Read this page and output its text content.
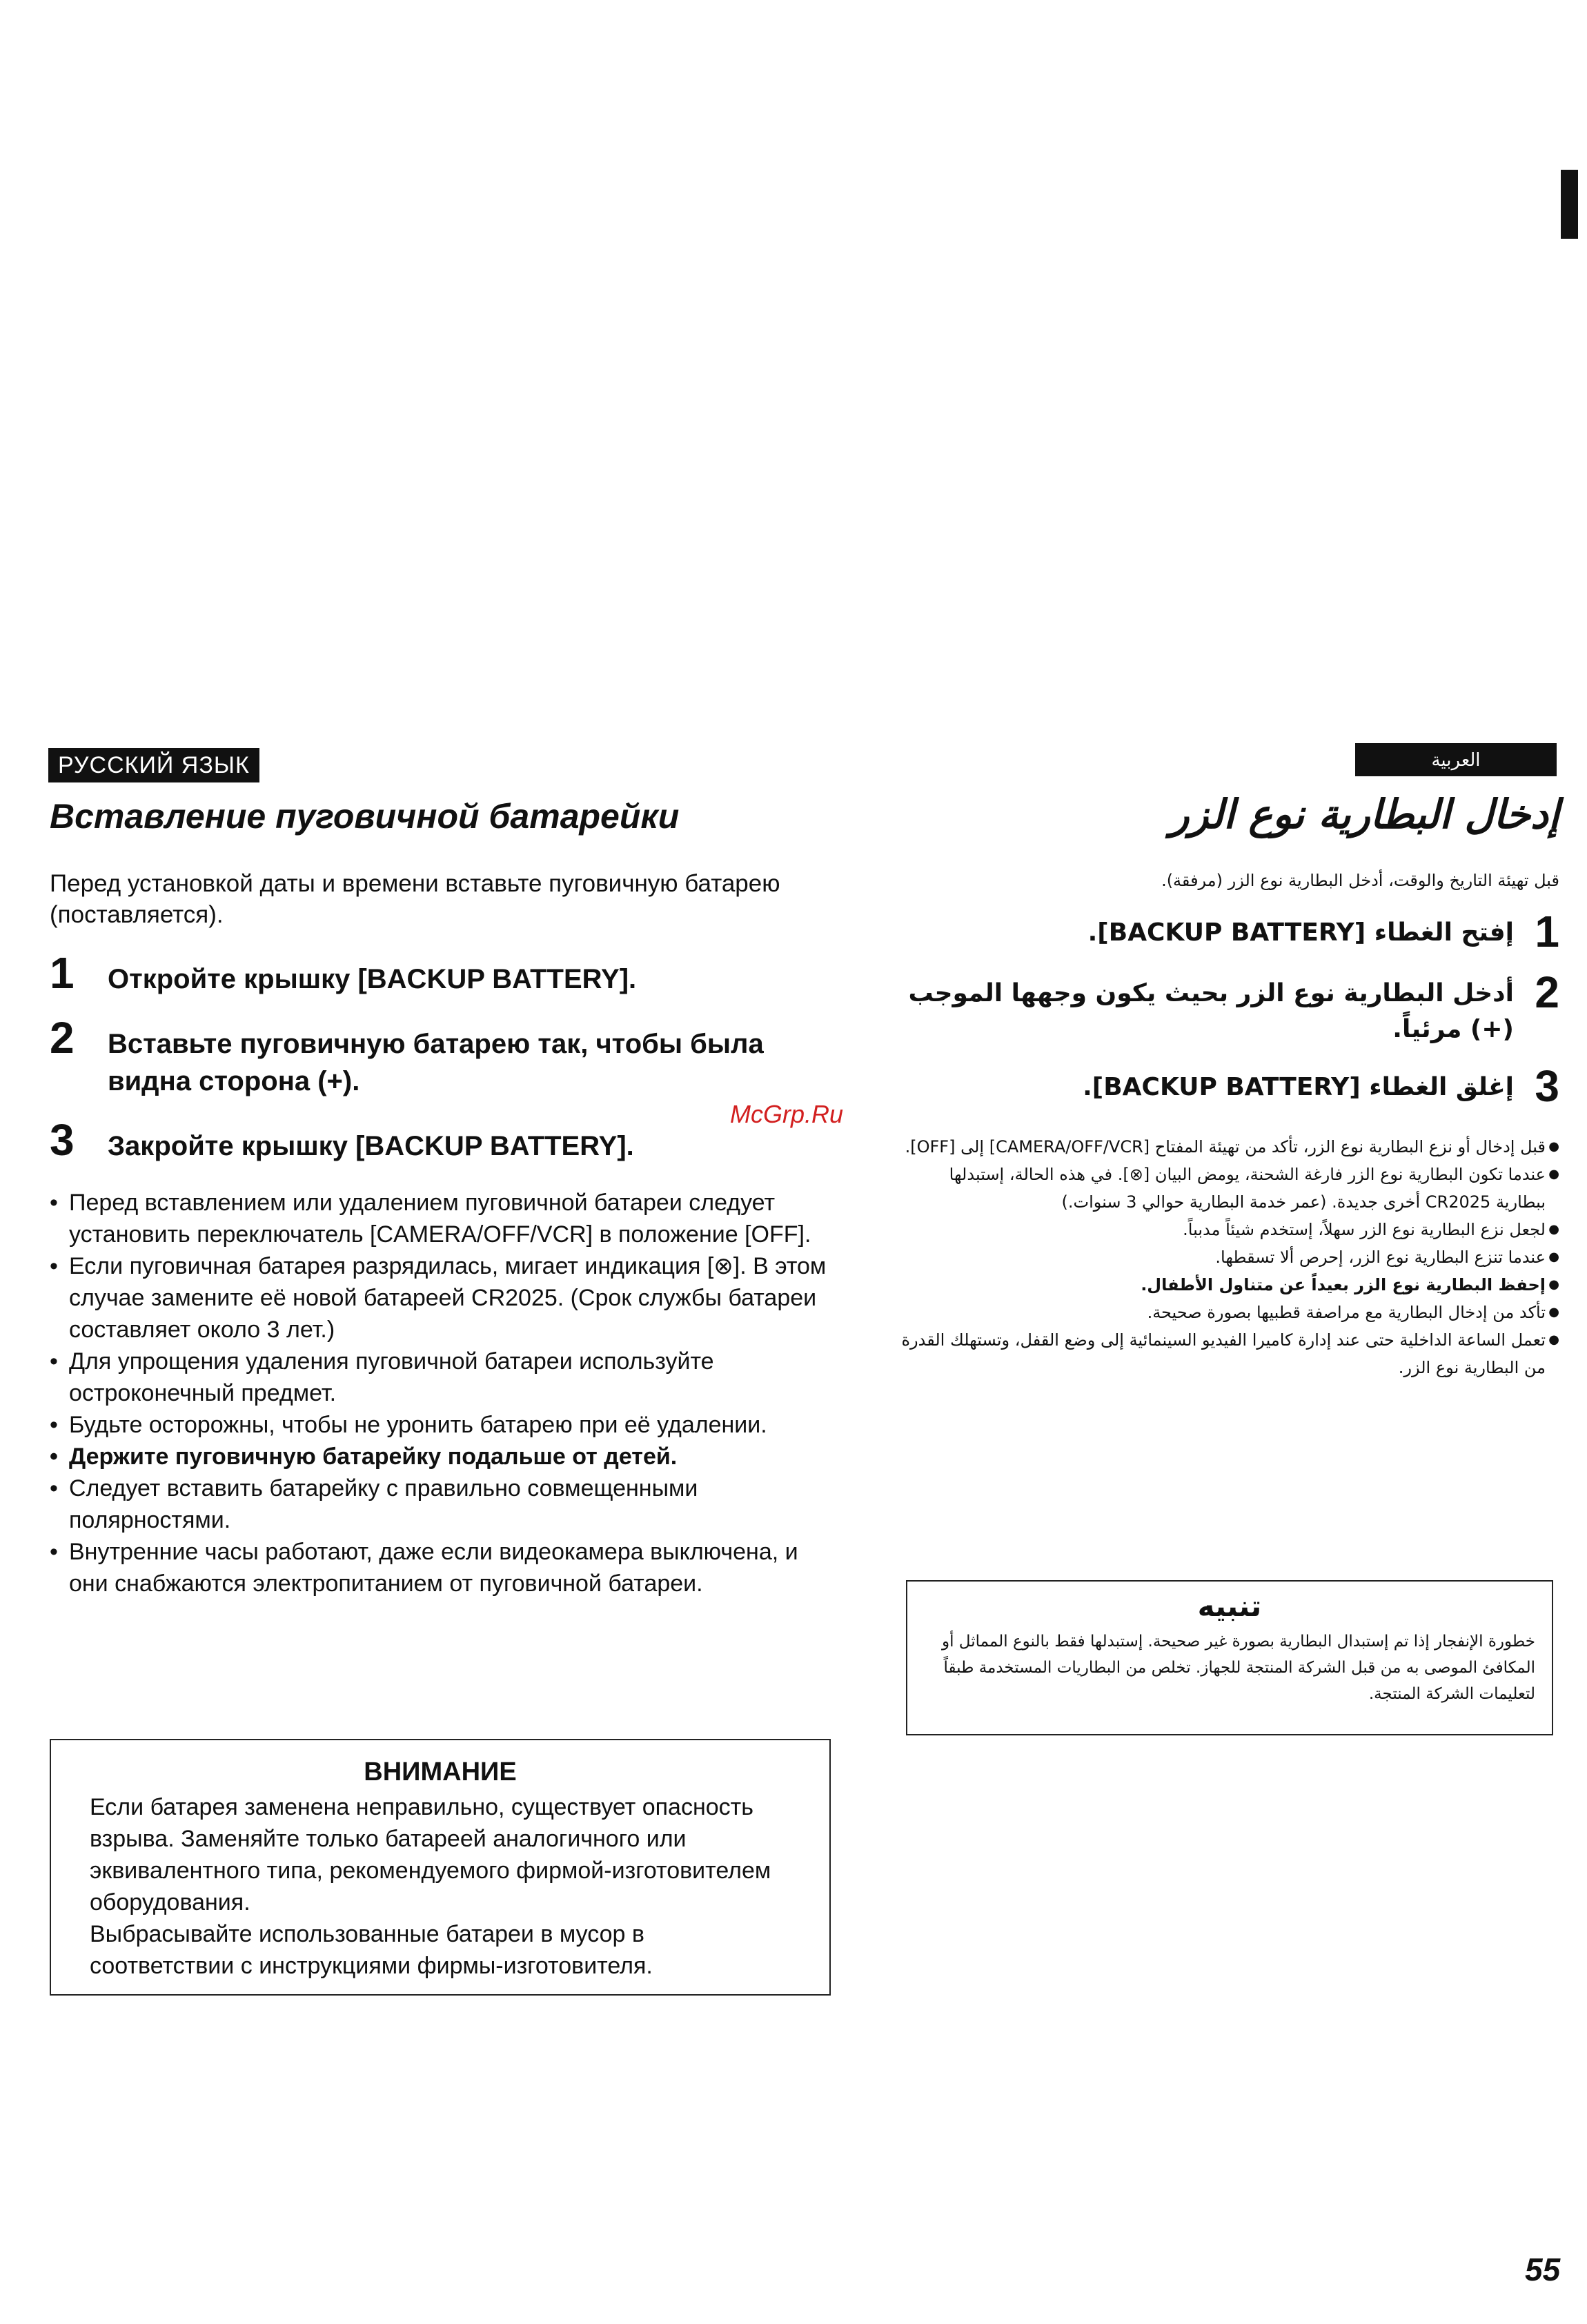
РУССКИЙ ЯЗЫК	العربية
Вставление пуговичной батарейки	إدخال البطارية نوع الزر

Перед установкой даты и времени вставьте пуговичную батарею (поставляется).

1	Откройте крышку [BACKUP BATTERY].
2	Вставьте пуговичную батарею так, чтобы была видна сторона (+).
3	Закройте крышку [BACKUP BATTERY].
• Перед вставлением или удалением пуговичной батареи следует установить переключатель [CAMERA/OFF/VCR] в положение [OFF].
• Если пуговичная батарея разрядилась, мигает индикация [⊗]. В этом случае замените её новой батареей CR2025. (Срок службы батареи составляет около 3 лет.)
• Для упрощения удаления пуговичной батареи используйте остроконечный предмет.
• Будьте осторожны, чтобы не уронить батарею при её удалении.
• Держите пуговичную батарейку подальше от детей.
• Следует вставить батарейку с правильно совмещенными полярностями.
• Внутренние часы работают, даже если видеокамера выключена, и они снабжаются электропитанием от пуговичной батареи.
McGrp.Ru
ВНИМАНИЕ

Если батарея заменена неправильно, существует опасность взрыва. Заменяйте только батареей аналогичного или эквивалентного типа, рекомендуемого фирмой-изготовителем оборудования.

Выбрасывайте использованные батареи в мусор в соответствии с инструкциями фирмы-изготовителя.

قبل تهيئة التاريخ والوقت، أدخل البطارية نوع الزر (مرفقة).

1
إفتح الغطاء [BACKUP BATTERY].
2
أدخل البطارية نوع الزر بحيث يكون وجهها الموجب (+) مرئياً.
3
إغلق الغطاء [BACKUP BATTERY].
● قبل إدخال أو نزع البطارية نوع الزر، تأكد من تهيئة المفتاح [CAMERA/OFF/VCR] إلى [OFF].
● عندما تكون البطارية نوع الزر فارغة الشحنة، يومض البيان [⊗]. في هذه الحالة، إستبدلها ببطارية CR2025 أخرى جديدة. (عمر خدمة البطارية حوالي 3 سنوات.)
● لجعل نزع البطارية نوع الزر سهلاً، إستخدم شيئاً مدبباً.
● عندما تنزع البطارية نوع الزر، إحرص ألا تسقطها.
● إحفظ البطارية نوع الزر بعيداً عن متناول الأطفال.
● تأكد من إدخال البطارية مع مراصفة قطبيها بصورة صحيحة.
● تعمل الساعة الداخلية حتى عند إدارة كاميرا الفيديو السينمائية إلى وضع القفل، وتستهلك القدرة من البطارية نوع الزر.
تنبيه

خطورة الإنفجار إذا تم إستبدال البطارية بصورة غير صحيحة. إستبدلها فقط بالنوع المماثل أو المكافئ الموصى به من قبل الشركة المنتجة للجهاز. تخلص من البطاريات المستخدمة طبقاً لتعليمات الشركة المنتجة.

55
